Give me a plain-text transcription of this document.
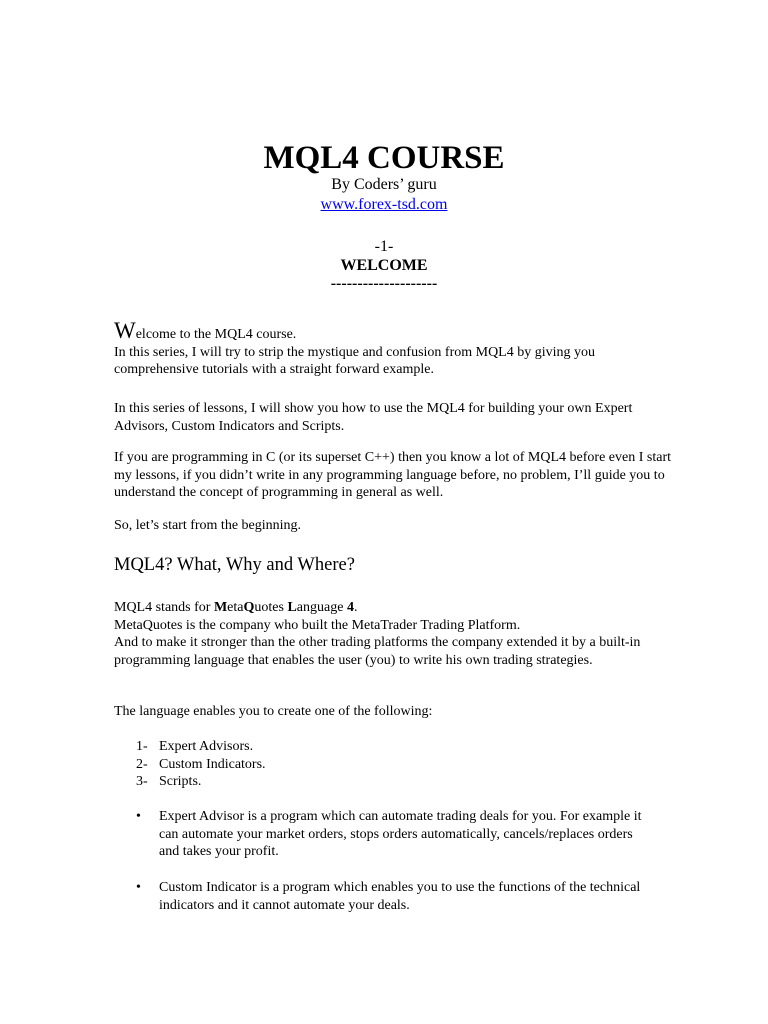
MQL4 COURSE
By Coders’ guru
www.forex-tsd.com
-1-
WELCOME
--------------------

Welcome to the MQL4 course.

In this series, I will try to strip the mystique and confusion from MQL4 by giving you comprehensive tutorials with a straight forward example.

In this series of lessons, I will show you how to use the MQL4 for building your own Expert Advisors, Custom Indicators and Scripts.
If you are programming in C (or its superset C++) then you know a lot of MQL4 before even I start my lessons, if you didn’t write in any programming language before, no problem, I’ll guide you to understand the concept of programming in general as well.
So, let’s start from the beginning.
MQL4? What, Why and Where?

MQL4 stands for MetaQuotes Language 4.

MetaQuotes is the company who built the MetaTrader Trading Platform.

And to make it stronger than the other trading platforms the company extended it by a built-in programming language that enables the user (you) to write his own trading strategies.

The language enables you to create one of the following:
1- Expert Advisors.
2- Custom Indicators.
3- Scripts.
•	Expert Advisor is a program which can automate trading deals for you. For example it can automate your market orders, stops orders automatically, cancels/replaces orders and takes your profit.
•	Custom Indicator is a program which enables you to use the functions of the technical indicators and it cannot automate your deals.
